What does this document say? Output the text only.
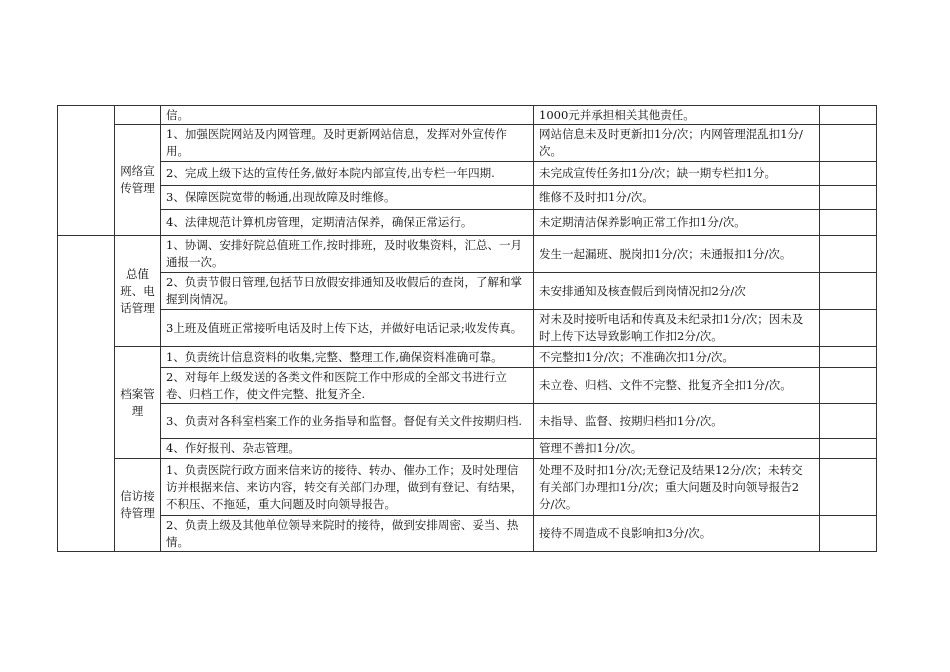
		信。	1000元并承担相关其他责任。	
	网络宣传管理	1、加强医院网站及内网管理。及时更新网站信息，发挥对外宣传作用。	网站信息未及时更新扣1分/次；内网管理混乱扣1分/次。	
		2、完成上级下达的宣传任务,做好本院内部宣传,出专栏一年四期.	未完成宣传任务扣1分/次；缺一期专栏扣1分。	
		3、保障医院宽带的畅通,出现故障及时维修。	维修不及时扣1分/次。	
		4、法律规范计算机房管理，定期清洁保养，确保正常运行。	未定期清洁保养影响正常工作扣1分/次。	
	总值班、电话管理	1、协调、安排好院总值班工作,按时排班，及时收集资料，汇总、一月通报一次。	发生一起漏班、脱岗扣1分/次；未通报扣1分/次。	
		2、负责节假日管理,包括节日放假安排通知及收假后的查岗，了解和掌握到岗情况。	未安排通知及核查假后到岗情况扣2分/次	
		3上班及值班正常接听电话及时上传下达，并做好电话记录;收发传真。	对未及时接听电话和传真及未纪录扣1分/次；因未及时上传下达导致影响工作扣2分/次。	
	档案管理	1、负责统计信息资料的收集,完整、整理工作,确保资料准确可靠。	不完整扣1分/次；不准确次扣1分/次。	
		2、对每年上级发送的各类文件和医院工作中形成的全部文书进行立卷、归档工作，使文件完整、批复齐全.	未立卷、归档、文件不完整、批复齐全扣1分/次。	
		3、负责对各科室档案工作的业务指导和监督。督促有关文件按期归档.	未指导、监督、按期归档扣1分/次。	
		4、作好报刊、杂志管理。	管理不善扣1分/次。	
	信访接待管理	1、负责医院行政方面来信来访的接待、转办、催办工作；及时处理信访并根据来信、来访内容，转交有关部门办理，做到有登记、有结果，不积压、不拖延，重大问题及时向领导报告。	处理不及时扣1分/次;无登记及结果12分/次；未转交有关部门办理扣1分/次；重大问题及时向领导报告2分/次。	
		2、负责上级及其他单位领导来院时的接待，做到安排周密、妥当、热情。	接待不周造成不良影响扣3分/次。	
